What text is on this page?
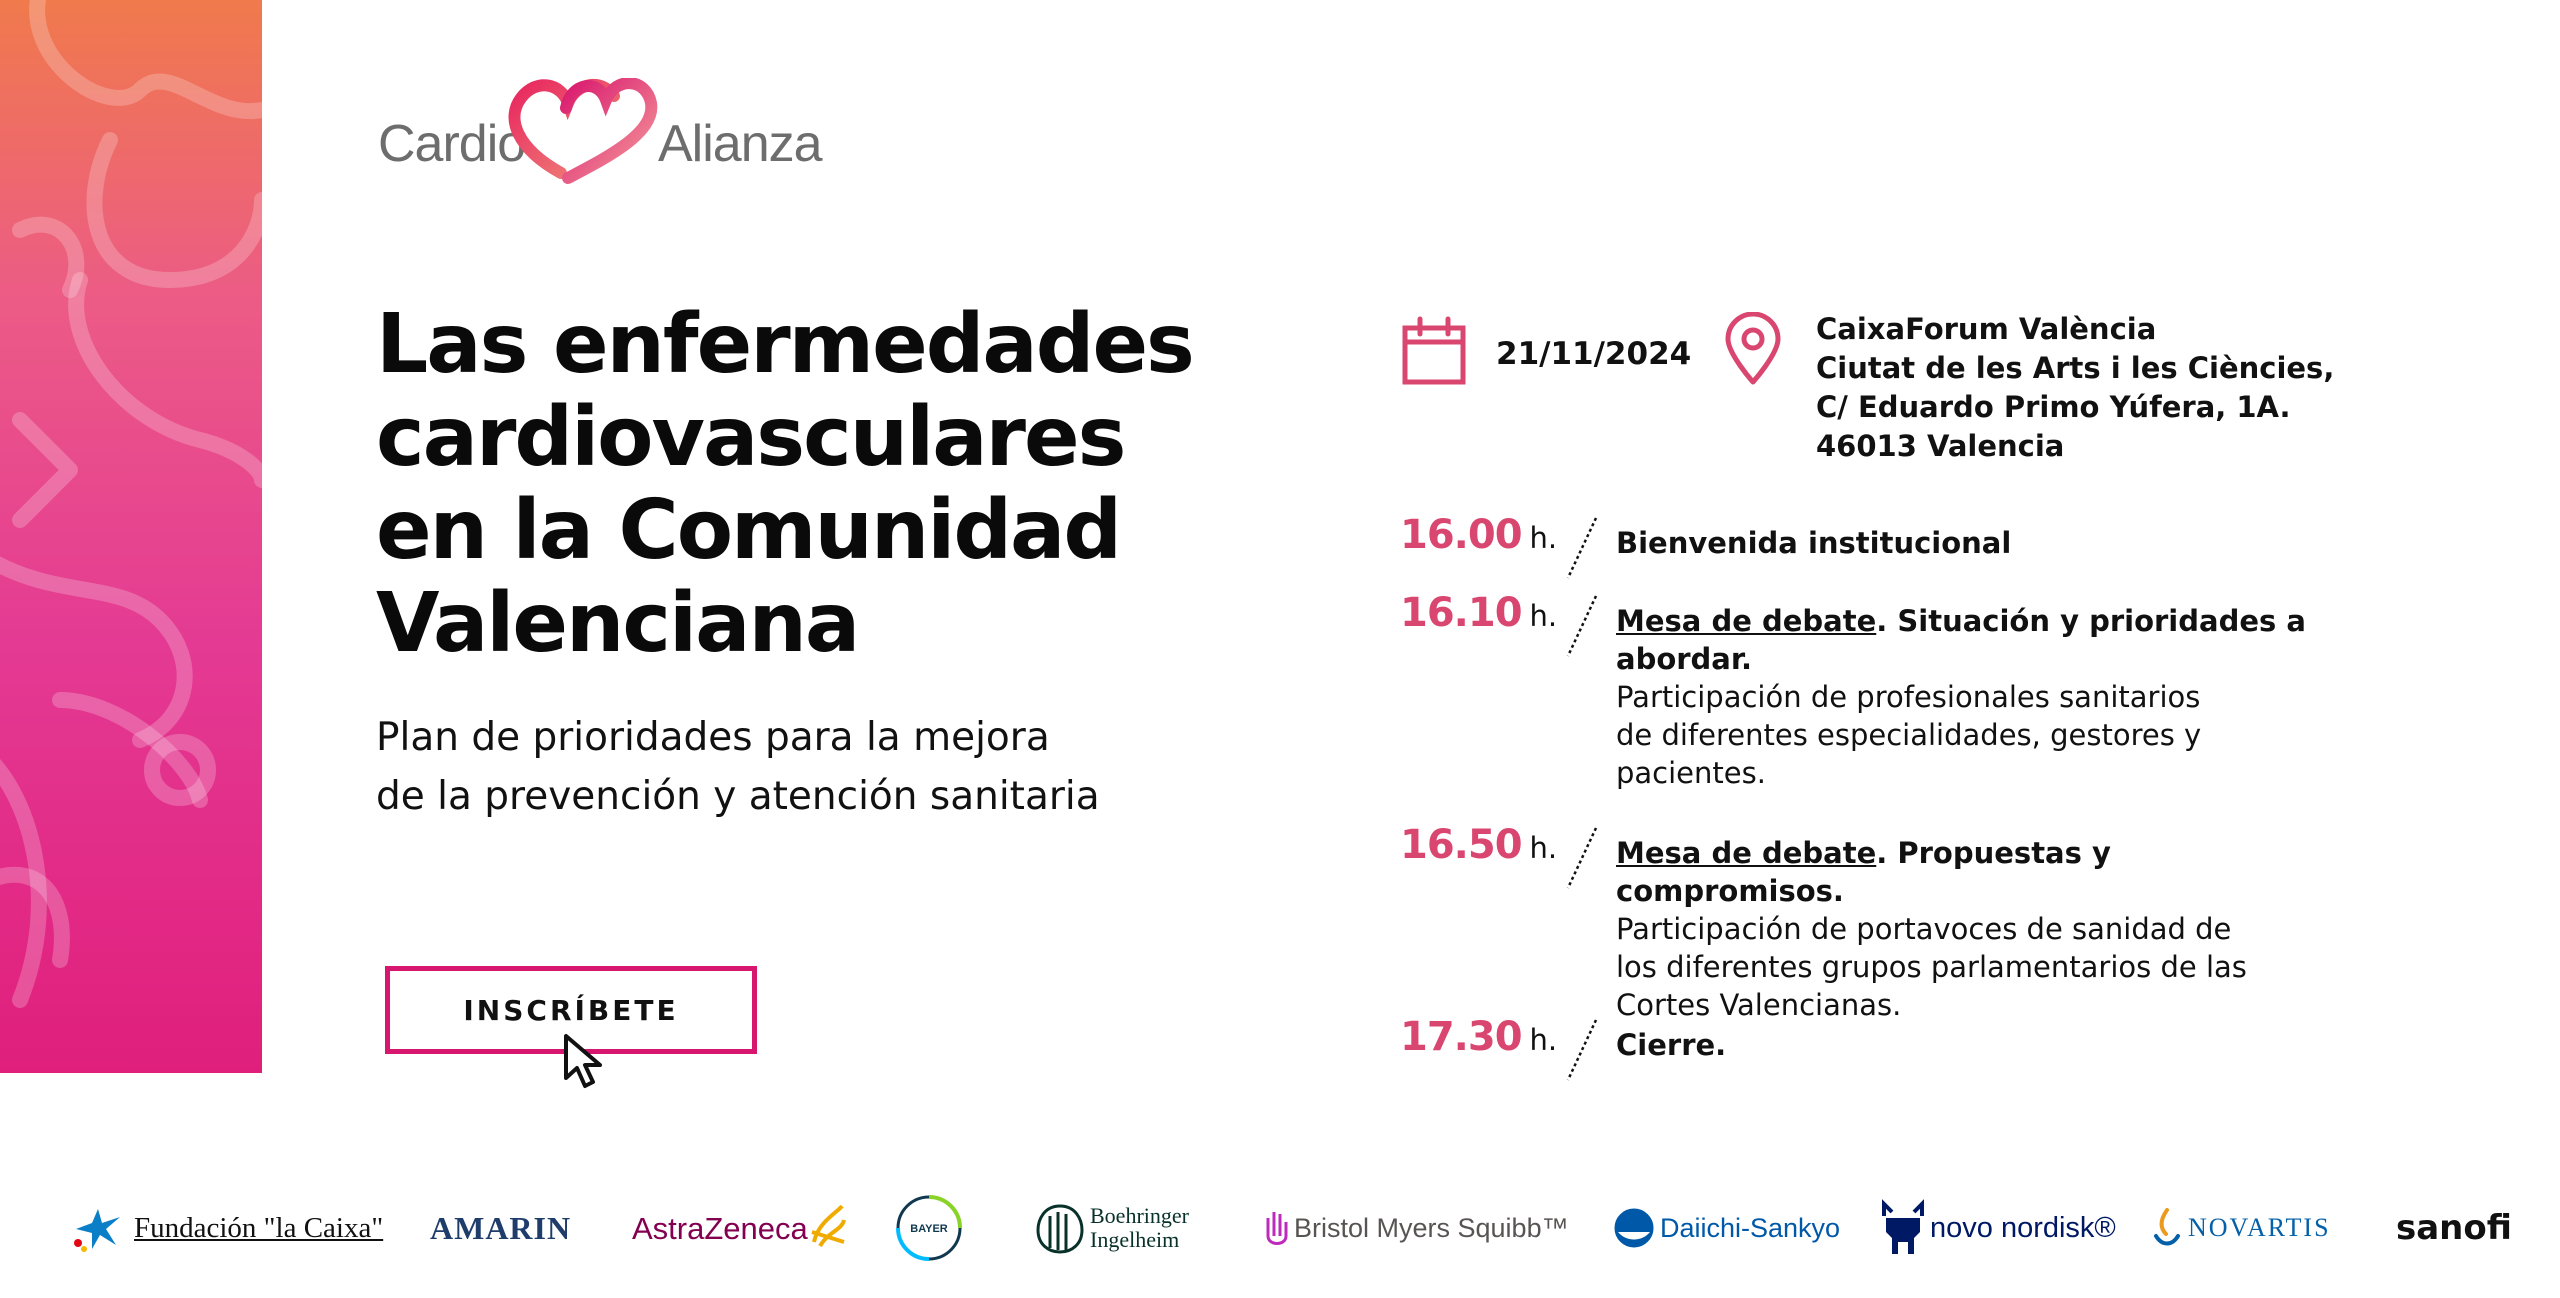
Cardio	Alianza
Las enfermedades
cardiovasculares
en la Comunidad
Valenciana
Plan de prioridades para la mejora
de la prevención y atención sanitaria
INSCRÍBETE
21/11/2024
CaixaForum València
Ciutat de les Arts i les Ciències,
C/ Eduardo Primo Yúfera, 1A.
46013 Valencia
16.00 h. Bienvenida institucional
16.10 h. Mesa de debate. Situación y prioridades a abordar.
Participación de profesionales sanitarios
de diferentes especialidades, gestores y
pacientes.
16.50 h. Mesa de debate. Propuestas y compromisos.
Participación de portavoces de sanidad de
los diferentes grupos parlamentarios de las
Cortes Valencianas.
17.30 h. Cierre.
Fundación "la Caixa" AMARIN AstraZeneca	BAYER
Boehringer
Ingelheim	Bristol Myers Squibb™	Daiichi-Sankyo	novo nordisk®	NOVARTIS sanofi
